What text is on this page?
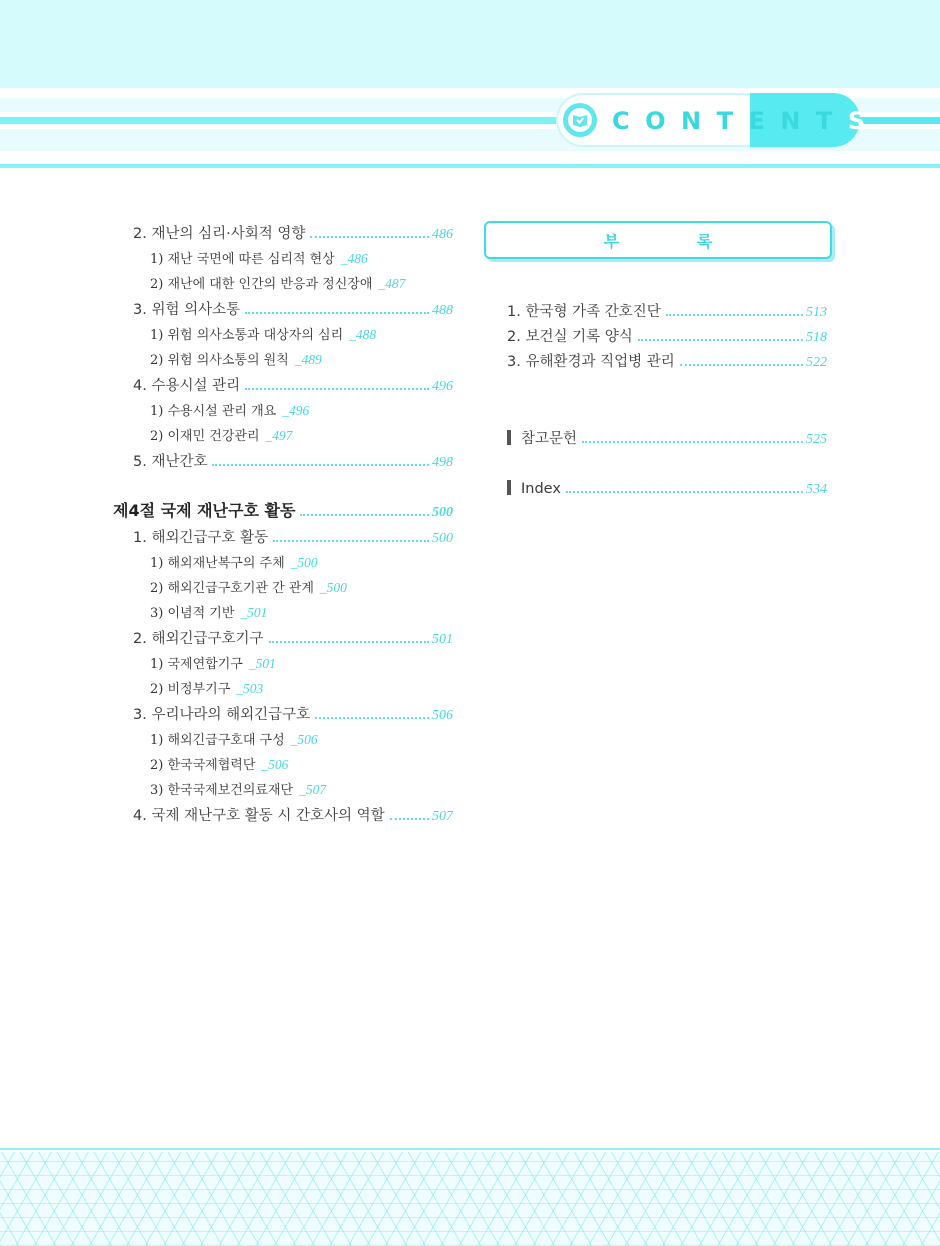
CONTENTS
2. 재난의 심리·사회적 영향	486
1) 재난 국면에 따른 심리적 현상 _486
2) 재난에 대한 인간의 반응과 정신장애 _487
3. 위험 의사소통	488
1) 위험 의사소통과 대상자의 심리 _488
2) 위험 의사소통의 원칙 _489
4. 수용시설 관리	496
1) 수용시설 관리 개요 _496
2) 이재민 건강관리 _497
5. 재난간호	498
제4절 국제 재난구호 활동	500
1. 해외긴급구호 활동	500
1) 해외재난복구의 주체 _500
2) 해외긴급구호기관 간 관계 _500
3) 이념적 기반 _501
2. 해외긴급구호기구	501
1) 국제연합기구 _501
2) 비정부기구 _503
3. 우리나라의 해외긴급구호	506
1) 해외긴급구호대 구성 _506
2) 한국국제협력단 _506
3) 한국국제보건의료재단 _507
4. 국제 재난구호 활동 시 간호사의 역할	507
부 록
1. 한국형 가족 간호진단	513
2. 보건실 기록 양식	518
3. 유해환경과 직업병 관리	522
참고문헌	525
Index	534
